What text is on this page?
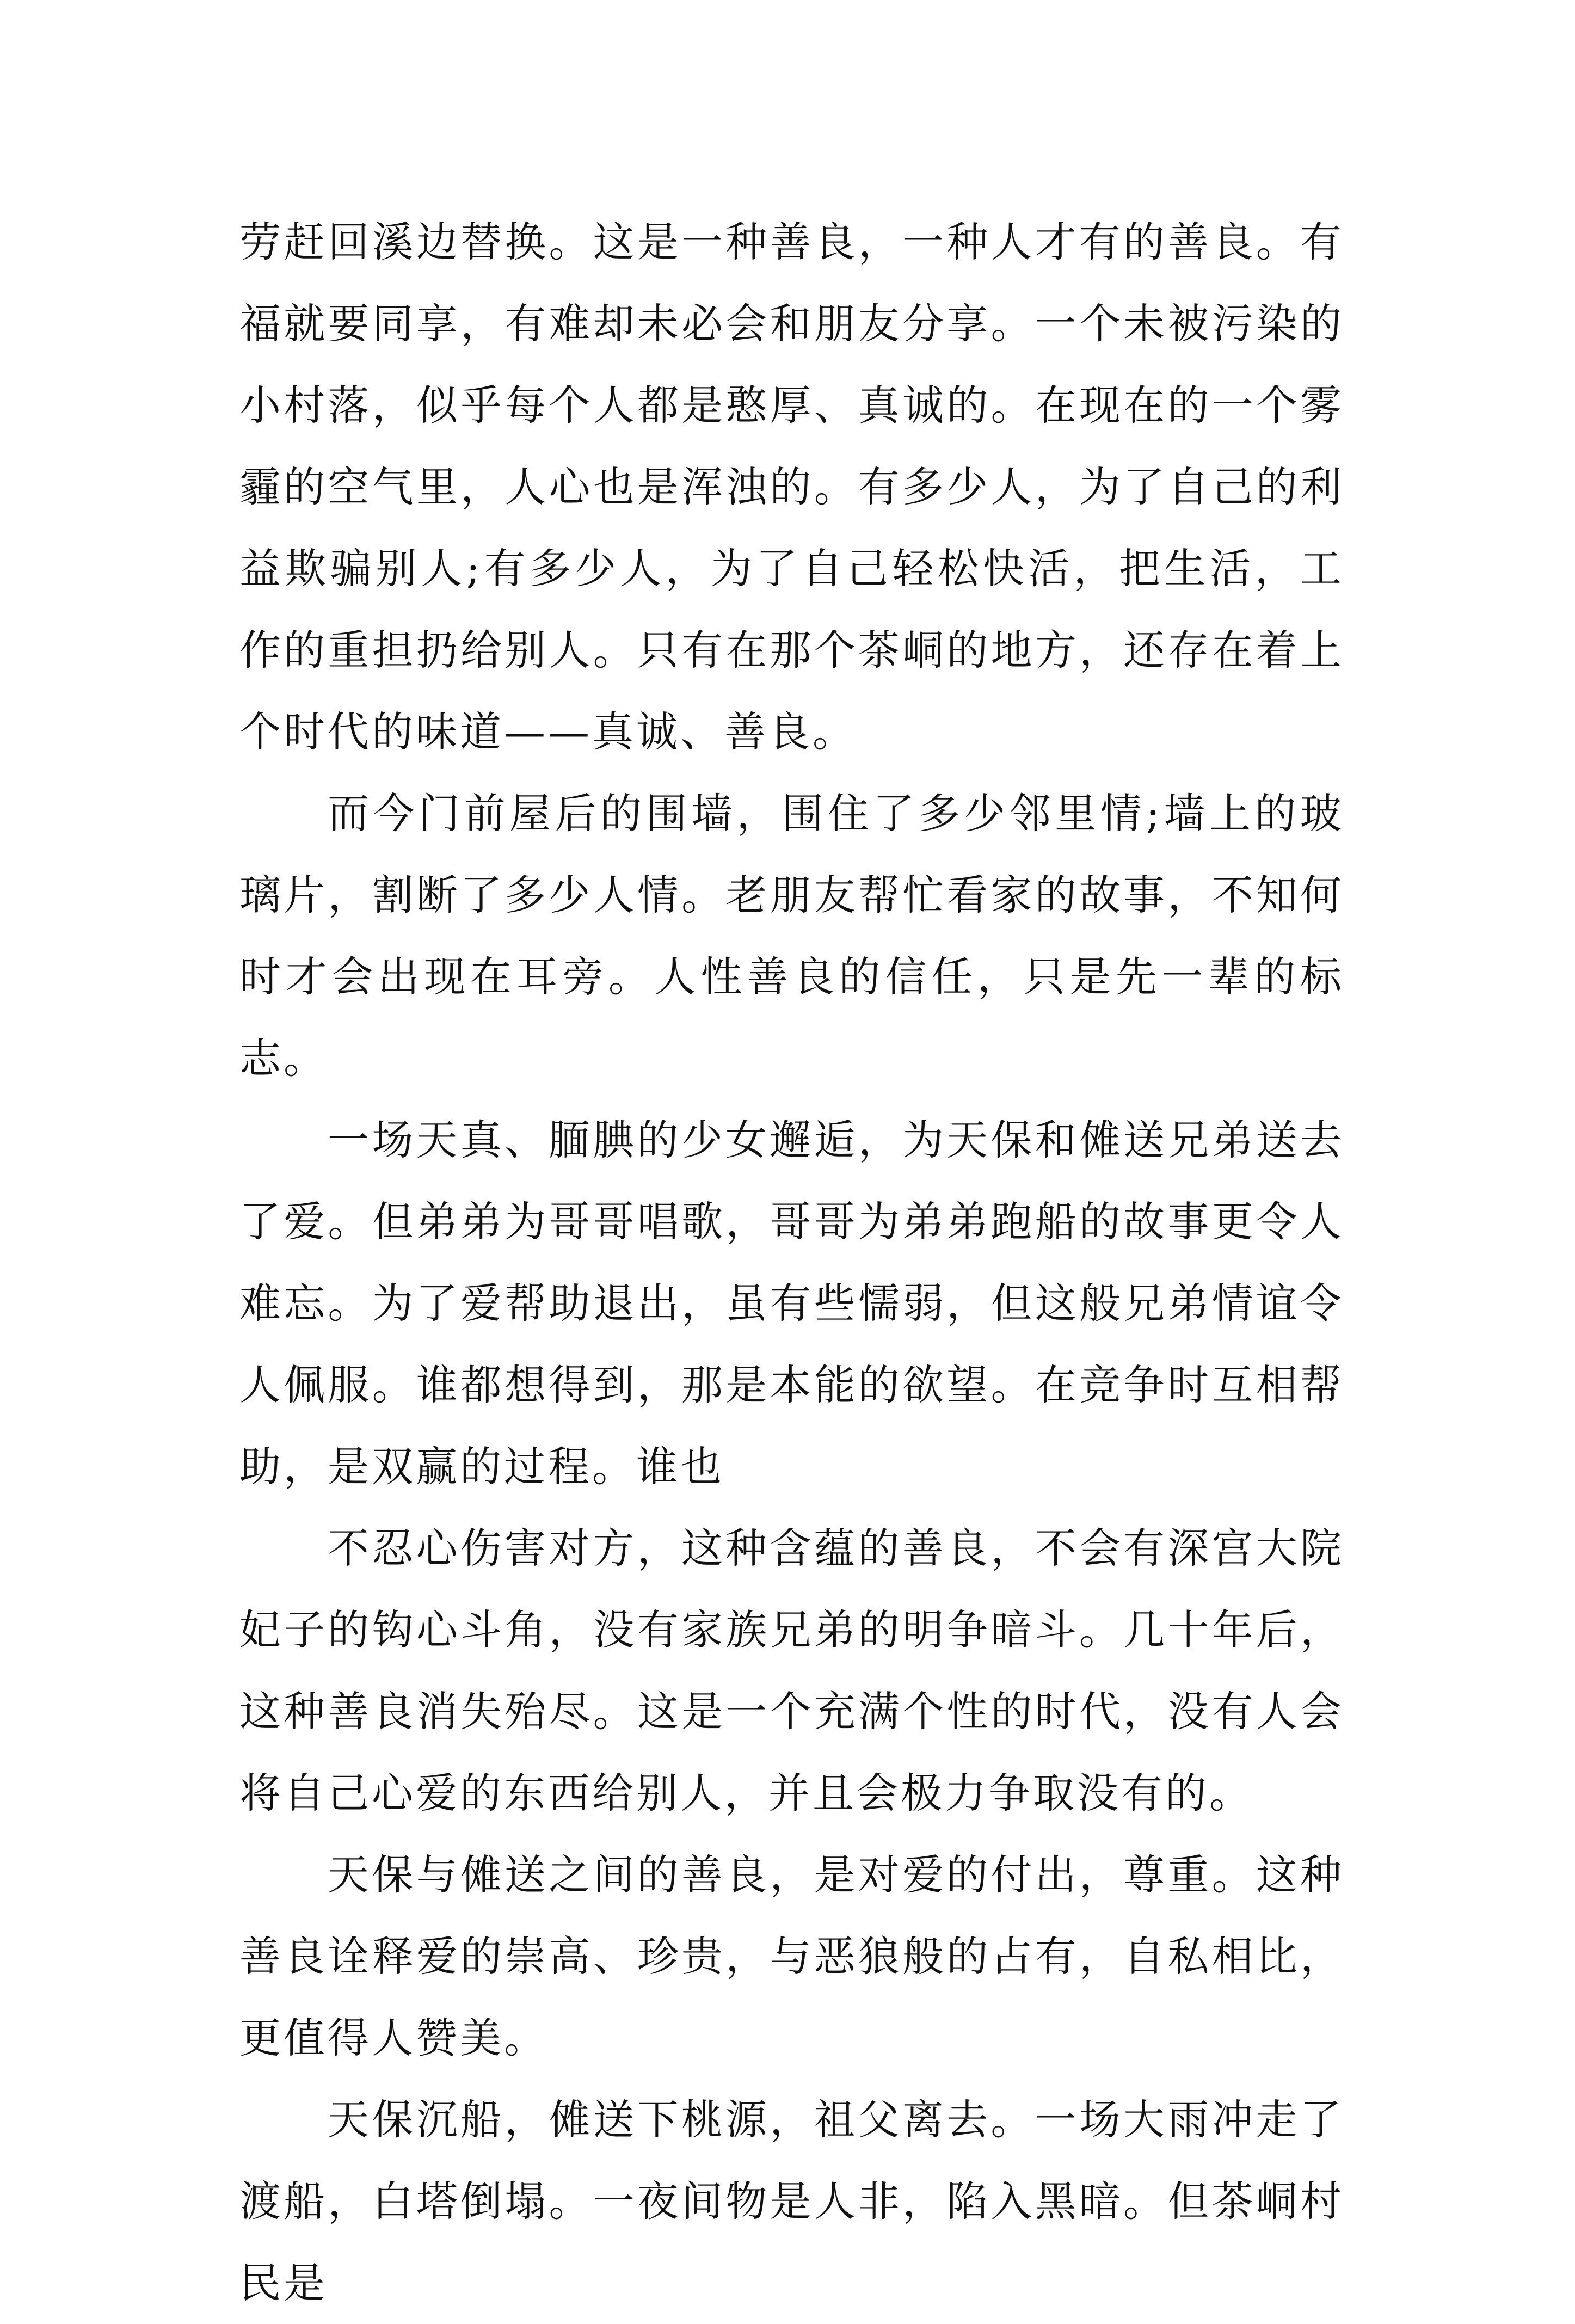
劳赶回溪边替换。这是一种善良，一种人才有的善良。有福就要同享，有难却未必会和朋友分享。一个未被污染的小村落，似乎每个人都是憨厚、真诚的。在现在的一个雾霾的空气里，人心也是浑浊的。有多少人，为了自己的利益欺骗别人;有多少人，为了自己轻松快活，把生活，工作的重担扔给别人。只有在那个茶峒的地方，还存在着上个时代的味道——真诚、善良。

而今门前屋后的围墙，围住了多少邻里情;墙上的玻璃片，割断了多少人情。老朋友帮忙看家的故事，不知何时才会出现在耳旁。人性善良的信任，只是先一辈的标志。

一场天真、腼腆的少女邂逅，为天保和傩送兄弟送去了爱。但弟弟为哥哥唱歌，哥哥为弟弟跑船的故事更令人难忘。为了爱帮助退出，虽有些懦弱，但这般兄弟情谊令人佩服。谁都想得到，那是本能的欲望。在竞争时互相帮助，是双赢的过程。谁也

不忍心伤害对方，这种含蕴的善良，不会有深宫大院妃子的钩心斗角，没有家族兄弟的明争暗斗。几十年后，这种善良消失殆尽。这是一个充满个性的时代，没有人会将自己心爱的东西给别人，并且会极力争取没有的。

天保与傩送之间的善良，是对爱的付出，尊重。这种善良诠释爱的崇高、珍贵，与恶狼般的占有，自私相比，更值得人赞美。

天保沉船，傩送下桃源，祖父离去。一场大雨冲走了渡船，白塔倒塌。一夜间物是人非，陷入黑暗。但茶峒村民是
